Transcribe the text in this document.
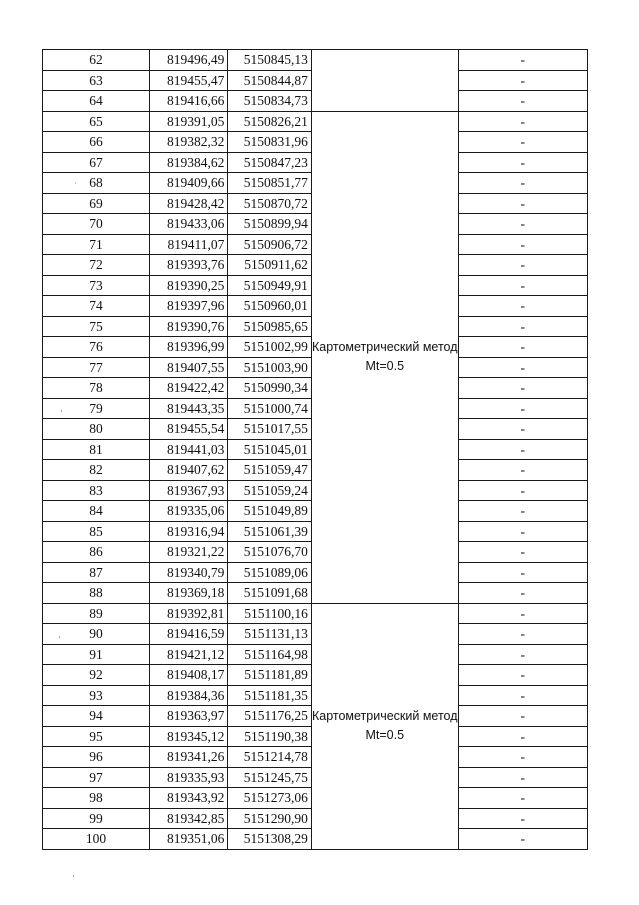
62	819496,49	5150845,13		-
63	819455,47	5150844,87		-
64	819416,66	5150834,73		-
65	819391,05	5150826,21	Картометрический метод Mt=0.5	-
66	819382,32	5150831,96		-
67	819384,62	5150847,23		-
68	819409,66	5150851,77		-
69	819428,42	5150870,72		-
70	819433,06	5150899,94		-
71	819411,07	5150906,72		-
72	819393,76	5150911,62		-
73	819390,25	5150949,91		-
74	819397,96	5150960,01		-
75	819390,76	5150985,65		-
76	819396,99	5151002,99		-
77	819407,55	5151003,90		-
78	819422,42	5150990,34		-
79	819443,35	5151000,74		-
80	819455,54	5151017,55		-
81	819441,03	5151045,01		-
82	819407,62	5151059,47		-
83	819367,93	5151059,24		-
84	819335,06	5151049,89		-
85	819316,94	5151061,39		-
86	819321,22	5151076,70		-
87	819340,79	5151089,06		-
88	819369,18	5151091,68		-
89	819392,81	5151100,16	Картометрический метод Mt=0.5	-
90	819416,59	5151131,13		-
91	819421,12	5151164,98		-
92	819408,17	5151181,89		-
93	819384,36	5151181,35		-
94	819363,97	5151176,25		-
95	819345,12	5151190,38		-
96	819341,26	5151214,78		-
97	819335,93	5151245,75		-
98	819343,92	5151273,06		-
99	819342,85	5151290,90		-
100	819351,06	5151308,29		-
˙
‘
‘
‘
